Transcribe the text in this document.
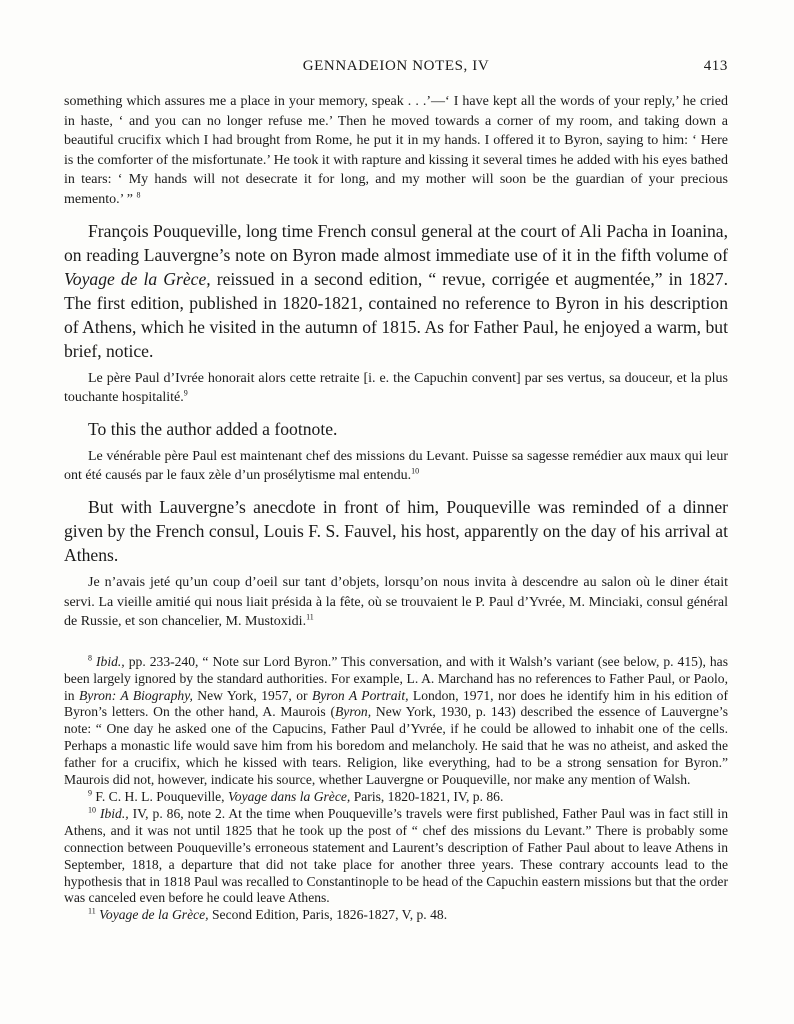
GENNADEION NOTES, IV	413

something which assures me a place in your memory, speak . . .’—‘ I have kept all the words of your reply,’ he cried in haste, ‘ and you can no longer refuse me.’ Then he moved towards a corner of my room, and taking down a beautiful crucifix which I had brought from Rome, he put it in my hands. I offered it to Byron, saying to him: ‘ Here is the comforter of the misfortunate.’ He took it with rapture and kissing it several times he added with his eyes bathed in tears: ‘ My hands will not desecrate it for long, and my mother will soon be the guardian of your precious memento.’ ” $^8$

François Pouqueville, long time French consul general at the court of Ali Pacha in Ioanina, on reading Lauvergne’s note on Byron made almost immediate use of it in the fifth volume of Voyage de la Grèce, reissued in a second edition, “ revue, corrigée et augmentée,” in 1827. The first edition, published in 1820-1821, contained no reference to Byron in his description of Athens, which he visited in the autumn of 1815. As for Father Paul, he enjoyed a warm, but brief, notice.

Le père Paul d’Ivrée honorait alors cette retraite [i. e. the Capuchin convent] par ses vertus, sa douceur, et la plus touchante hospitalité.$^9$

To this the author added a footnote.

Le vénérable père Paul est maintenant chef des missions du Levant. Puisse sa sagesse remédier aux maux qui leur ont été causés par le faux zèle d’un prosélytisme mal entendu.$^{10}$

But with Lauvergne’s anecdote in front of him, Pouqueville was reminded of a dinner given by the French consul, Louis F. S. Fauvel, his host, apparently on the day of his arrival at Athens.

Je n’avais jeté qu’un coup d’oeil sur tant d’objets, lorsqu’on nous invita à descendre au salon où le diner était servi. La vieille amitié qui nous liait présida à la fête, où se trouvaient le P. Paul d’Yvrée, M. Minciaki, consul général de Russie, et son chancelier, M. Mustoxidi.$^{11}$

$^8$ Ibid., pp. 233-240, “ Note sur Lord Byron.” This conversation, and with it Walsh’s variant (see below, p. 415), has been largely ignored by the standard authorities. For example, L. A. Marchand has no references to Father Paul, or Paolo, in Byron: A Biography, New York, 1957, or Byron A Portrait, London, 1971, nor does he identify him in his edition of Byron’s letters. On the other hand, A. Maurois (Byron, New York, 1930, p. 143) described the essence of Lauvergne’s note: “ One day he asked one of the Capucins, Father Paul d’Yvrée, if he could be allowed to inhabit one of the cells. Perhaps a monastic life would save him from his boredom and melancholy. He said that he was no atheist, and asked the father for a crucifix, which he kissed with tears. Religion, like everything, had to be a strong sensation for Byron.” Maurois did not, however, indicate his source, whether Lauvergne or Pouqueville, nor make any mention of Walsh.

$^9$ F. C. H. L. Pouqueville, Voyage dans la Grèce, Paris, 1820-1821, IV, p. 86.

$^{10}$ Ibid., IV, p. 86, note 2. At the time when Pouqueville’s travels were first published, Father Paul was in fact still in Athens, and it was not until 1825 that he took up the post of “ chef des missions du Levant.” There is probably some connection between Pouqueville’s erroneous statement and Laurent’s description of Father Paul about to leave Athens in September, 1818, a departure that did not take place for another three years. These contrary accounts lead to the hypothesis that in 1818 Paul was recalled to Constantinople to be head of the Capuchin eastern missions but that the order was canceled even before he could leave Athens.

$^{11}$ Voyage de la Grèce, Second Edition, Paris, 1826-1827, V, p. 48.
